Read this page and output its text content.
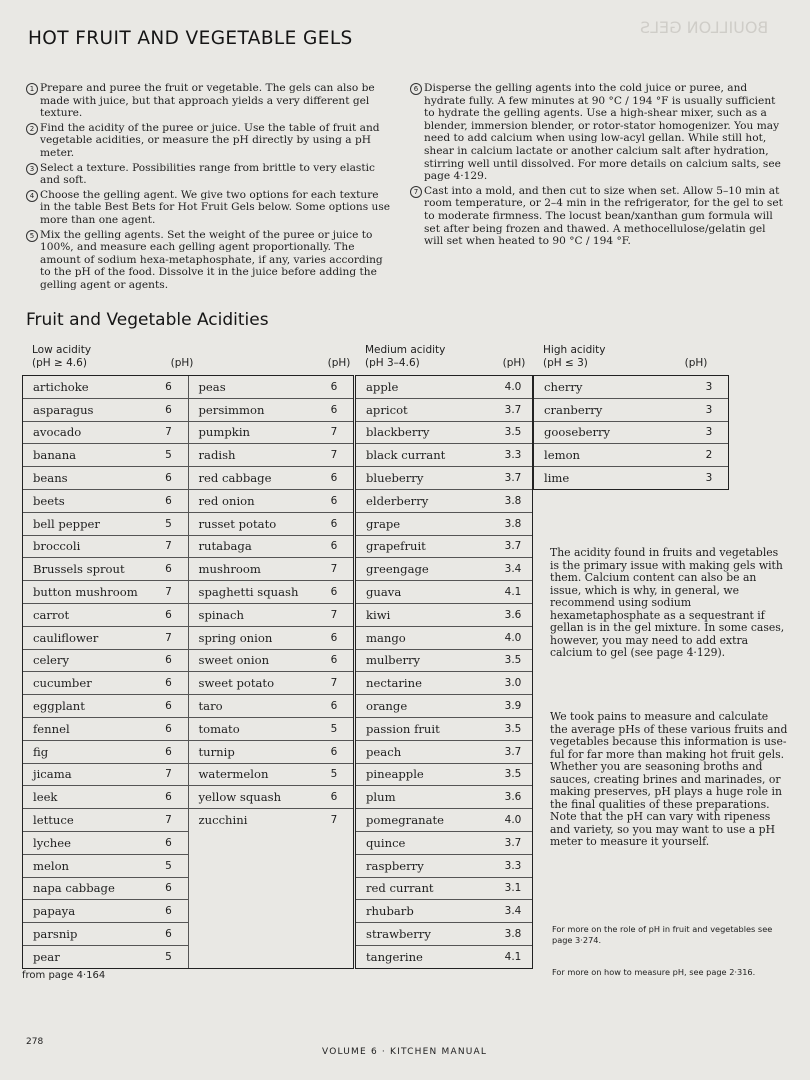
BOUILLON GELS
HOT FRUIT AND VEGETABLE GELS
1 Prepare and puree the fruit or vegetable. The gels can also be made with juice, but that approach yields a very different gel texture.
2 Find the acidity of the puree or juice. Use the table of fruit and vegetable acidities, or measure the pH directly by using a pH meter.
3 Select a texture. Possibilities range from brittle to very elastic and soft.
4 Choose the gelling agent. We give two options for each texture in the table Best Bets for Hot Fruit Gels below. Some options use more than one agent.
5 Mix the gelling agents. Set the weight of the puree or juice to 100%, and measure each gelling agent proportionally. The amount of sodium hexa-metaphosphate, if any, varies according to the pH of the food. Dissolve it in the juice before adding the gelling agent or agents.
6 Disperse the gelling agents into the cold juice or puree, and hydrate fully. A few minutes at 90 °C / 194 °F is usually sufficient to hydrate the gelling agents. Use a high-shear mixer, such as a blender, immersion blender, or rotor-stator homogenizer. You may need to add calcium when using low-acyl gellan. While still hot, shear in calcium lactate or another calcium salt after hydration, stirring well until dissolved. For more details on calcium salts, see page 4·129.
7 Cast into a mold, and then cut to size when set. Allow 5–10 min at room temperature, or 2–4 min in the refrigerator, for the gel to set to moderate firmness. The locust bean/xanthan gum formula will set after being frozen and thawed. A methocellulose/gelatin gel will set when heated to 90 °C / 194 °F.
Fruit and Vegetable Acidities
Low acidity
(pH ≥ 4.6)	(pH)	(pH)
artichoke	6
asparagus	6
avocado	7
banana	5
beans	6
beets	6
bell pepper	5
broccoli	7
Brussels sprout	6
button mushroom	7
carrot	6
cauliflower	7
celery	6
cucumber	6
eggplant	6
fennel	6
fig	6
jicama	7
leek	6
lettuce	7
lychee	6
melon	5
napa cabbage	6
papaya	6
parsnip	6
pear	5
peas	6
persimmon	6
pumpkin	7
radish	7
red cabbage	6
red onion	6
russet potato	6
rutabaga	6
mushroom	7
spaghetti squash	6
spinach	7
spring onion	6
sweet onion	6
sweet potato	7
taro	6
tomato	5
turnip	6
watermelon	5
yellow squash	6
zucchini	7
Medium acidity
(pH 3–4.6)	(pH)
apple	4.0
apricot	3.7
blackberry	3.5
black currant	3.3
blueberry	3.7
elderberry	3.8
grape	3.8
grapefruit	3.7
greengage	3.4
guava	4.1
kiwi	3.6
mango	4.0
mulberry	3.5
nectarine	3.0
orange	3.9
passion fruit	3.5
peach	3.7
pineapple	3.5
plum	3.6
pomegranate	4.0
quince	3.7
raspberry	3.3
red currant	3.1
rhubarb	3.4
strawberry	3.8
tangerine	4.1
High acidity
(pH ≤ 3)	(pH)
cherry	3
cranberry	3
gooseberry	3
lemon	2
lime	3
The acidity found in fruits and vegetables is the primary issue with making gels with them. Calcium content can also be an issue, which is why, in general, we recommend using sodium hexametaphosphate as a sequestrant if gellan is in the gel mixture. In some cases, however, you may need to add extra calcium to gel (see page 4·129).
We took pains to measure and calculate the average pHs of these various fruits and vegetables because this information is use-ful for far more than making hot fruit gels. Whether you are seasoning broths and sauces, creating brines and marinades, or making preserves, pH plays a huge role in the final qualities of these preparations. Note that the pH can vary with ripeness and variety, so you may want to use a pH meter to measure it yourself.
For more on the role of pH in fruit and vegetables see page 3·274.
For more on how to measure pH, see page 2·316.
from page 4·164
278
VOLUME 6 · KITCHEN MANUAL
